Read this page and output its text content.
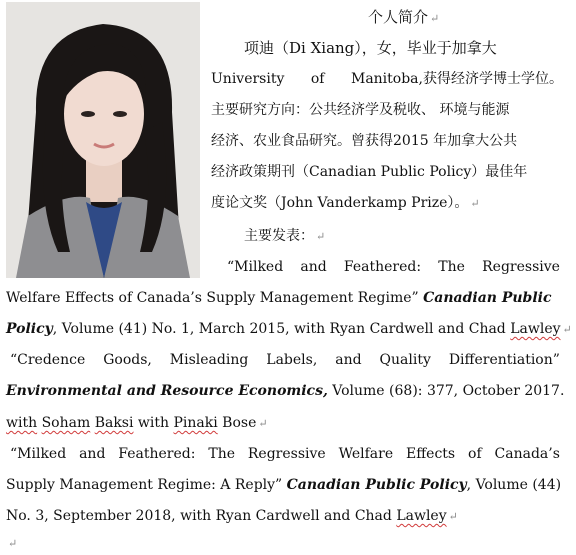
个人简介 ↵
项迪（Di Xiang），女，毕业于加拿大
University of Manitoba,获得经济学博士学位。
主要研究方向：公共经济学及税收、 环境与能源
经济、农业食品研究。曾获得2015 年加拿大公共
经济政策期刊（Canadian Public Policy）最佳年
度论文奖（John Vanderkamp Prize）。 ↵
主要发表： ↵
“Milked and Feathered: The Regressive
Welfare Effects of Canada’s Supply Management Regime” Canadian Public
Policy, Volume (41) No. 1, March 2015, with Ryan Cardwell and Chad Lawley ↵
“Credence Goods, Misleading Labels, and Quality Differentiation”
Environmental and Resource Economics, Volume (68): 377, October 2017.
with Soham Baksi with Pinaki Bose ↵
“Milked and Feathered: The Regressive Welfare Effects of Canada’s
Supply Management Regime: A Reply” Canadian Public Policy, Volume (44)
No. 3, September 2018, with Ryan Cardwell and Chad Lawley ↵
↵
